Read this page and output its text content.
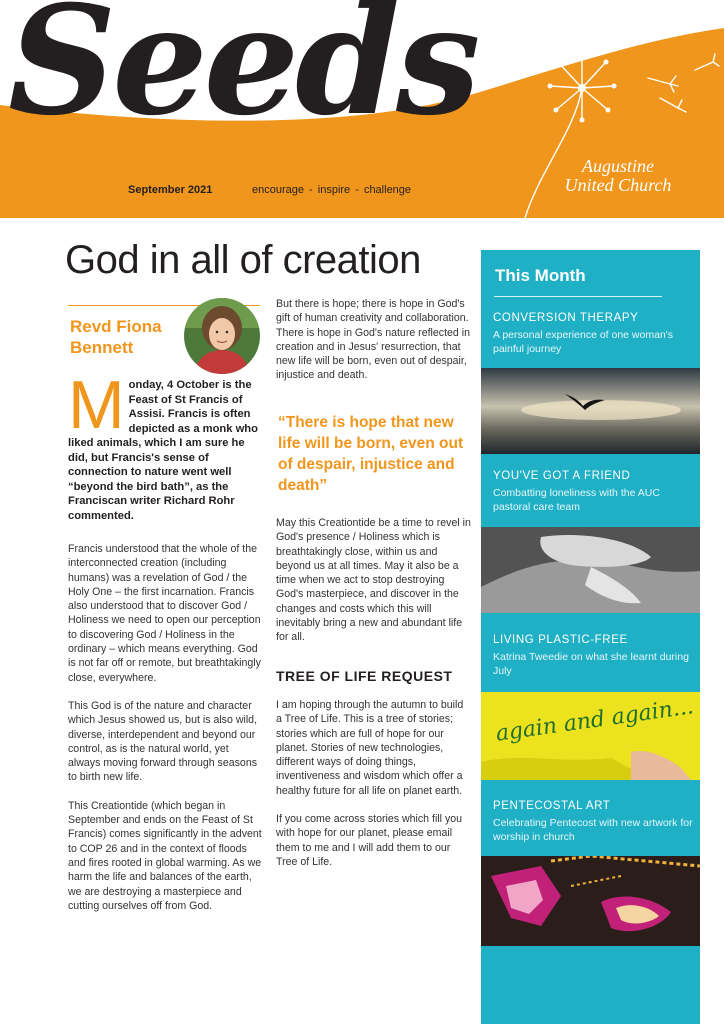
Seeds
September 2021	encourage - inspire - challenge
Augustine
United Church
God in all of creation
Revd Fiona
Bennett
M onday, 4 October is the Feast of St Francis of Assisi. Francis is often depicted as a monk who liked animals, which I am sure he did, but Francis's sense of connection to nature went well “beyond the bird bath”, as the Franciscan writer Richard Rohr commented.

Francis understood that the whole of the interconnected creation (including humans) was a revelation of God / the Holy One – the first incarnation. Francis also understood that to discover God / Holiness we need to open our perception to discovering God / Holiness in the ordinary – which means everything. God is not far off or remote, but breathtakingly close, everywhere.

This God is of the nature and character which Jesus showed us, but is also wild, diverse, interdependent and beyond our control, as is the natural world, yet always moving forward through seasons to birth new life.

This Creationtide (which began in September and ends on the Feast of St Francis) comes significantly in the advent to COP 26 and in the context of floods and fires rooted in global warming. As we harm the life and balances of the earth, we are destroying a masterpiece and cutting ourselves off from God.

But there is hope; there is hope in God's gift of human creativity and collaboration. There is hope in God's nature reflected in creation and in Jesus' resurrection, that new life will be born, even out of despair, injustice and death.

“There is hope that new life will be born, even out of despair, injustice and death”

May this Creationtide be a time to revel in God's presence / Holiness which is breathtakingly close, within us and beyond us at all times. May it also be a time when we act to stop destroying God's masterpiece, and discover in the changes and costs which this will inevitably bring a new and abundant life for all.

TREE OF LIFE REQUEST

I am hoping through the autumn to build a Tree of Life. This is a tree of stories; stories which are full of hope for our planet. Stories of new technologies, different ways of doing things, inventiveness and wisdom which offer a healthy future for all life on planet earth.

If you come across stories which fill you with hope for our planet, please email them to me and I will add them to our Tree of Life.

This Month
CONVERSION THERAPY
A personal experience of one woman's painful journey
YOU'VE GOT A FRIEND
Combatting loneliness with the AUC pastoral care team
LIVING PLASTIC-FREE
Katrina Tweedie on what she learnt during July
again and again...
PENTECOSTAL ART
Celebrating Pentecost with new artwork for worship in church
